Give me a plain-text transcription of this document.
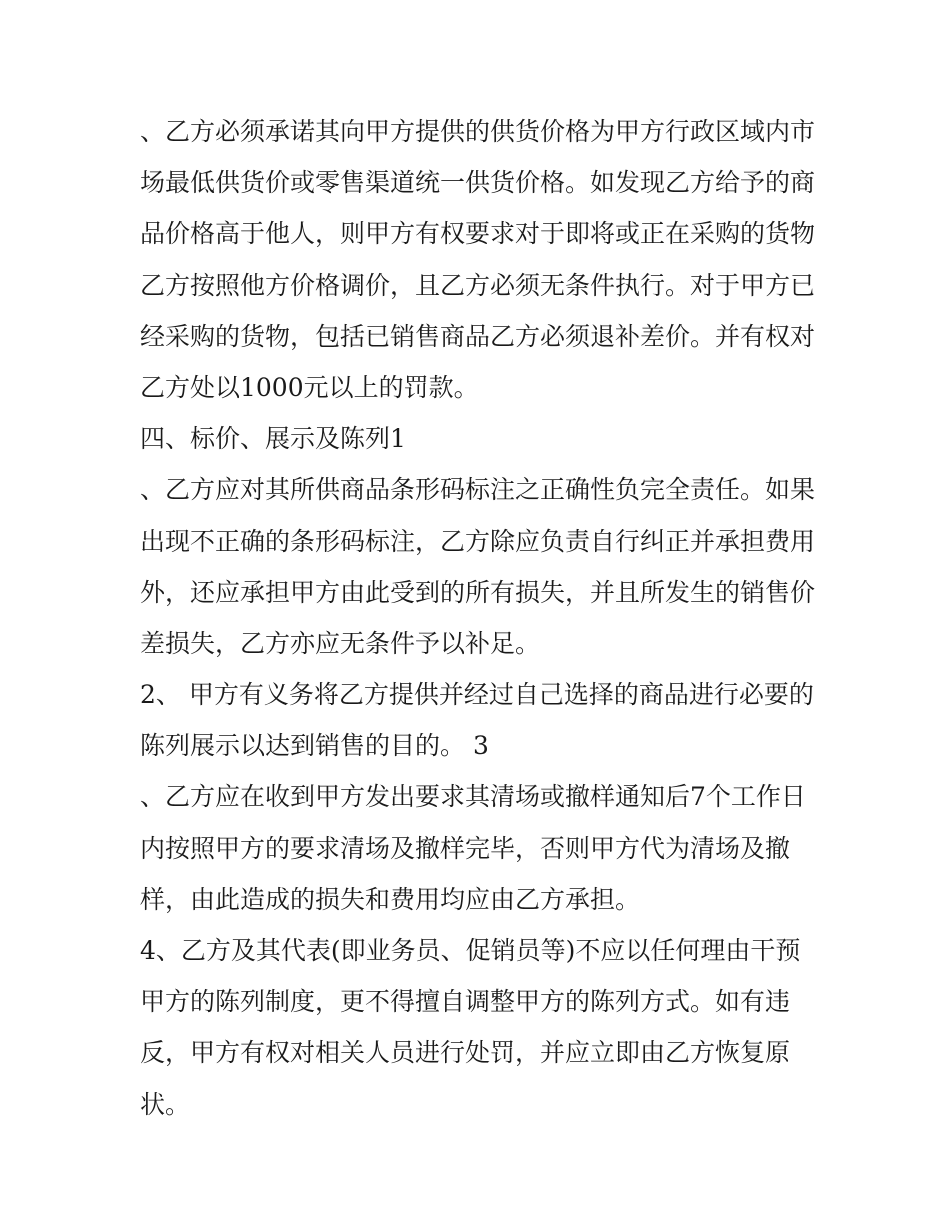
、乙方必须承诺其向甲方提供的供货价格为甲方行政区域内市
场最低供货价或零售渠道统一供货价格。如发现乙方给予的商
品价格高于他人，则甲方有权要求对于即将或正在采购的货物
乙方按照他方价格调价，且乙方必须无条件执行。对于甲方已
经采购的货物，包括已销售商品乙方必须退补差价。并有权对
乙方处以1000元以上的罚款。
四、标价、展示及陈列1
、乙方应对其所供商品条形码标注之正确性负完全责任。如果
出现不正确的条形码标注，乙方除应负责自行纠正并承担费用
外，还应承担甲方由此受到的所有损失，并且所发生的销售价
差损失，乙方亦应无条件予以补足。
2、 甲方有义务将乙方提供并经过自己选择的商品进行必要的
陈列展示以达到销售的目的。 3
、乙方应在收到甲方发出要求其清场或撤样通知后7个工作日
内按照甲方的要求清场及撤样完毕，否则甲方代为清场及撤
样，由此造成的损失和费用均应由乙方承担。
4、乙方及其代表(即业务员、促销员等)不应以任何理由干预
甲方的陈列制度，更不得擅自调整甲方的陈列方式。如有违
反，甲方有权对相关人员进行处罚，并应立即由乙方恢复原
状。
